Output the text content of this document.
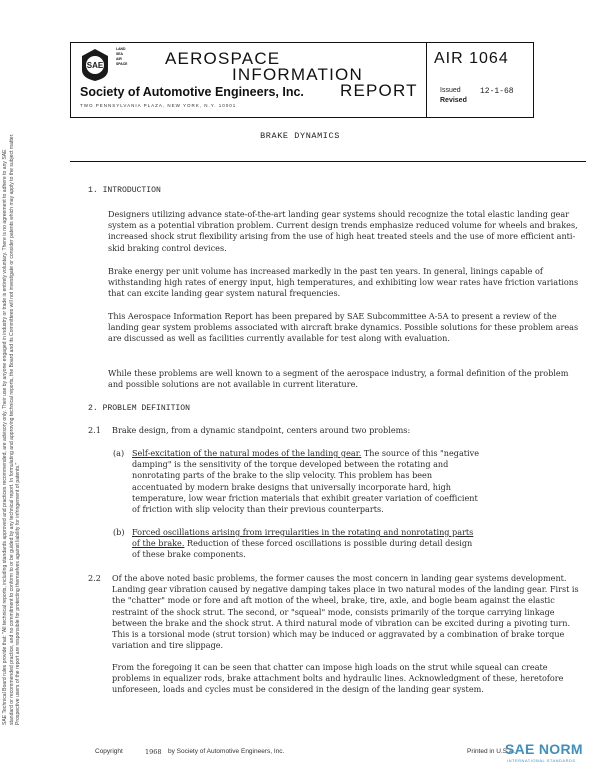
SAE
LAND
SEA
AIR
SPACE AEROSPACE
INFORMATION
REPORT
Society of Automotive Engineers, Inc.
TWO PENNSYLVANIA PLAZA, NEW YORK, N.Y. 10001
AIR 1064
Issued 12-1-68
Revised
BRAKE DYNAMICS
SAE Technical Board rules provide that: "All technical reports, including standards approved and practices recommended, are advisory only. Their use by anyone engaged in industry or trade is entirely voluntary. There is no agreement to adhere to any SAE standard or recommended practice, and no commitment to conform to or be guided by any technical report. In formulating and approving technical reports, the Board and its Committees will not investigate or consider patents which may apply to the subject matter. Prospective users of the report are responsible for protecting themselves against liability for infringement of patents."
1. INTRODUCTION

Designers utilizing advance state-of-the-art landing gear systems should recognize the total elastic landing gear system as a potential vibration problem. Current design trends emphasize reduced volume for wheels and brakes, increased shock strut flexibility arising from the use of high heat treated steels and the use of more efficient anti-skid braking control devices.

Brake energy per unit volume has increased markedly in the past ten years. In general, linings capable of withstanding high rates of energy input, high temperatures, and exhibiting low wear rates have friction variations that can excite landing gear system natural frequencies.

This Aerospace Information Report has been prepared by SAE Subcommittee A-5A to present a review of the landing gear system problems associated with aircraft brake dynamics. Possible solutions for these problem areas are discussed as well as facilities currently available for test along with evaluation.

While these problems are well known to a segment of the aerospace industry, a formal definition of the problem and possible solutions are not available in current literature.

2. PROBLEM DEFINITION
2.1 Brake design, from a dynamic standpoint, centers around two problems:
(a) Self-excitation of the natural modes of the landing gear. The source of this "negative damping" is the sensitivity of the torque developed between the rotating and nonrotating parts of the brake to the slip velocity. This problem has been accentuated by modern brake designs that universally incorporate hard, high temperature, low wear friction materials that exhibit greater variation of coefficient of friction with slip velocity than their previous counterparts.

(b) Forced oscillations arising from irregularities in the rotating and nonrotating parts of the brake. Reduction of these forced oscillations is possible during detail design of these brake components.

2.2 Of the above noted basic problems, the former causes the most concern in landing gear systems development. Landing gear vibration caused by negative damping takes place in two natural modes of the landing gear. First is the "chatter" mode or fore and aft motion of the wheel, brake, tire, axle, and bogie beam against the elastic restraint of the shock strut. The second, or "squeal" mode, consists primarily of the torque carrying linkage between the brake and the shock strut. A third natural mode of vibration can be excited during a pivoting turn. This is a torsional mode (strut torsion) which may be induced or aggravated by a combination of brake torque variation and tire slippage.

From the foregoing it can be seen that chatter can impose high loads on the strut while squeal can create problems in equalizer rods, brake attachment bolts and hydraulic lines. Acknowledgment of these, heretofore unforeseen, loads and cycles must be considered in the design of the landing gear system.

Copyright	1968 by Society of Automotive Engineers, Inc.	Printed in U.S.A.
SAE NORM
INTERNATIONAL STANDARDS
